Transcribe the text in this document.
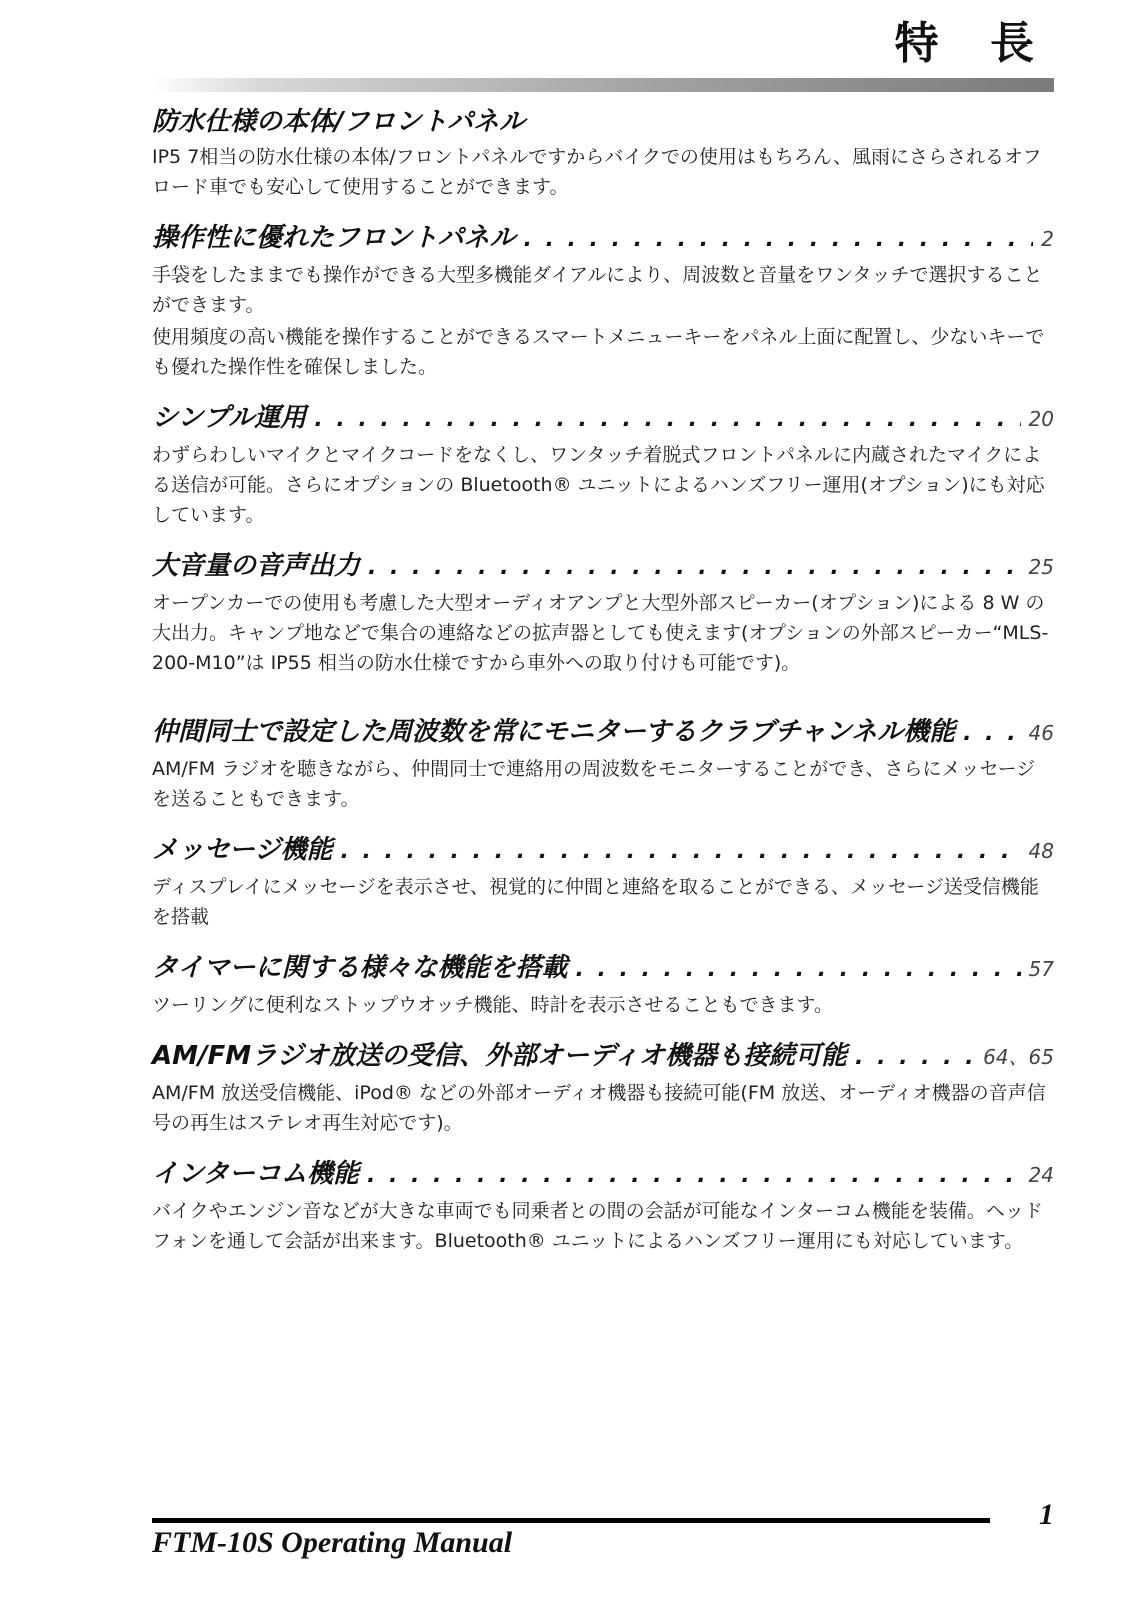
特 長
防水仕様の本体/フロントパネル

IP5 7相当の防水仕様の本体/フロントパネルですからバイクでの使用はもちろん、風雨にさらされるオフロード車でも安心して使用することができます。

操作性に優れたフロントパネル . . .	2

手袋をしたままでも操作ができる大型多機能ダイアルにより、周波数と音量をワンタッチで選択することができます。

使用頻度の高い機能を操作することができるスマートメニューキーをパネル上面に配置し、少ないキーでも優れた操作性を確保しました。

シンプル運用 . . .	20

わずらわしいマイクとマイクコードをなくし、ワンタッチ着脱式フロントパネルに内蔵されたマイクによる送信が可能。さらにオプションの Bluetooth® ユニットによるハンズフリー運用(オプション)にも対応しています。

大音量の音声出力 . . .	25

オープンカーでの使用も考慮した大型オーディオアンプと大型外部スピーカー(オプション)による 8 W の大出力。キャンプ地などで集合の連絡などの拡声器としても使えます(オプションの外部スピーカー“MLS-200-M10”は IP55 相当の防水仕様ですから車外への取り付けも可能です)。

仲間同士で設定した周波数を常にモニターするクラブチャンネル機能 . . .	46

AM/FM ラジオを聴きながら、仲間同士で連絡用の周波数をモニターすることができ、さらにメッセージを送ることもできます。

メッセージ機能 . . .	48

ディスプレイにメッセージを表示させ、視覚的に仲間と連絡を取ることができる、メッセージ送受信機能を搭載

タイマーに関する様々な機能を搭載 . . .	57

ツーリングに便利なストップウオッチ機能、時計を表示させることもできます。

AM/FMラジオ放送の受信、外部オーディオ機器も接続可能 . . .	64、65

AM/FM 放送受信機能、iPod® などの外部オーディオ機器も接続可能(FM 放送、オーディオ機器の音声信号の再生はステレオ再生対応です)。

インターコム機能 . . .	24

バイクやエンジン音などが大きな車両でも同乗者との間の会話が可能なインターコム機能を装備。ヘッドフォンを通して会話が出来ます。Bluetooth® ユニットによるハンズフリー運用にも対応しています。

FTM-10S Operating Manual
1
